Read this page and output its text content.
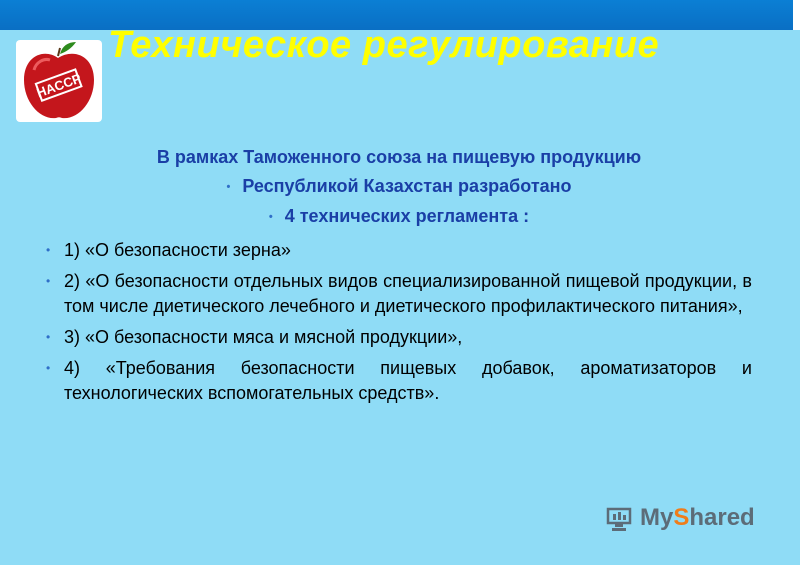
HACCP
Техническое регулирование
В рамках Таможенного союза на пищевую продукцию
• Республикой Казахстан разработано
• 4 технических регламента :
• 1) «О безопасности зерна»
• 2) «О безопасности отдельных видов специализированной пищевой продукции, в том числе диетического лечебного и диетического профилактического питания»,
• 3) «О безопасности мяса и мясной продукции»,
• 4) «Требования безопасности пищевых добавок, ароматизаторов и технологических вспомогательных средств».
My S hared
